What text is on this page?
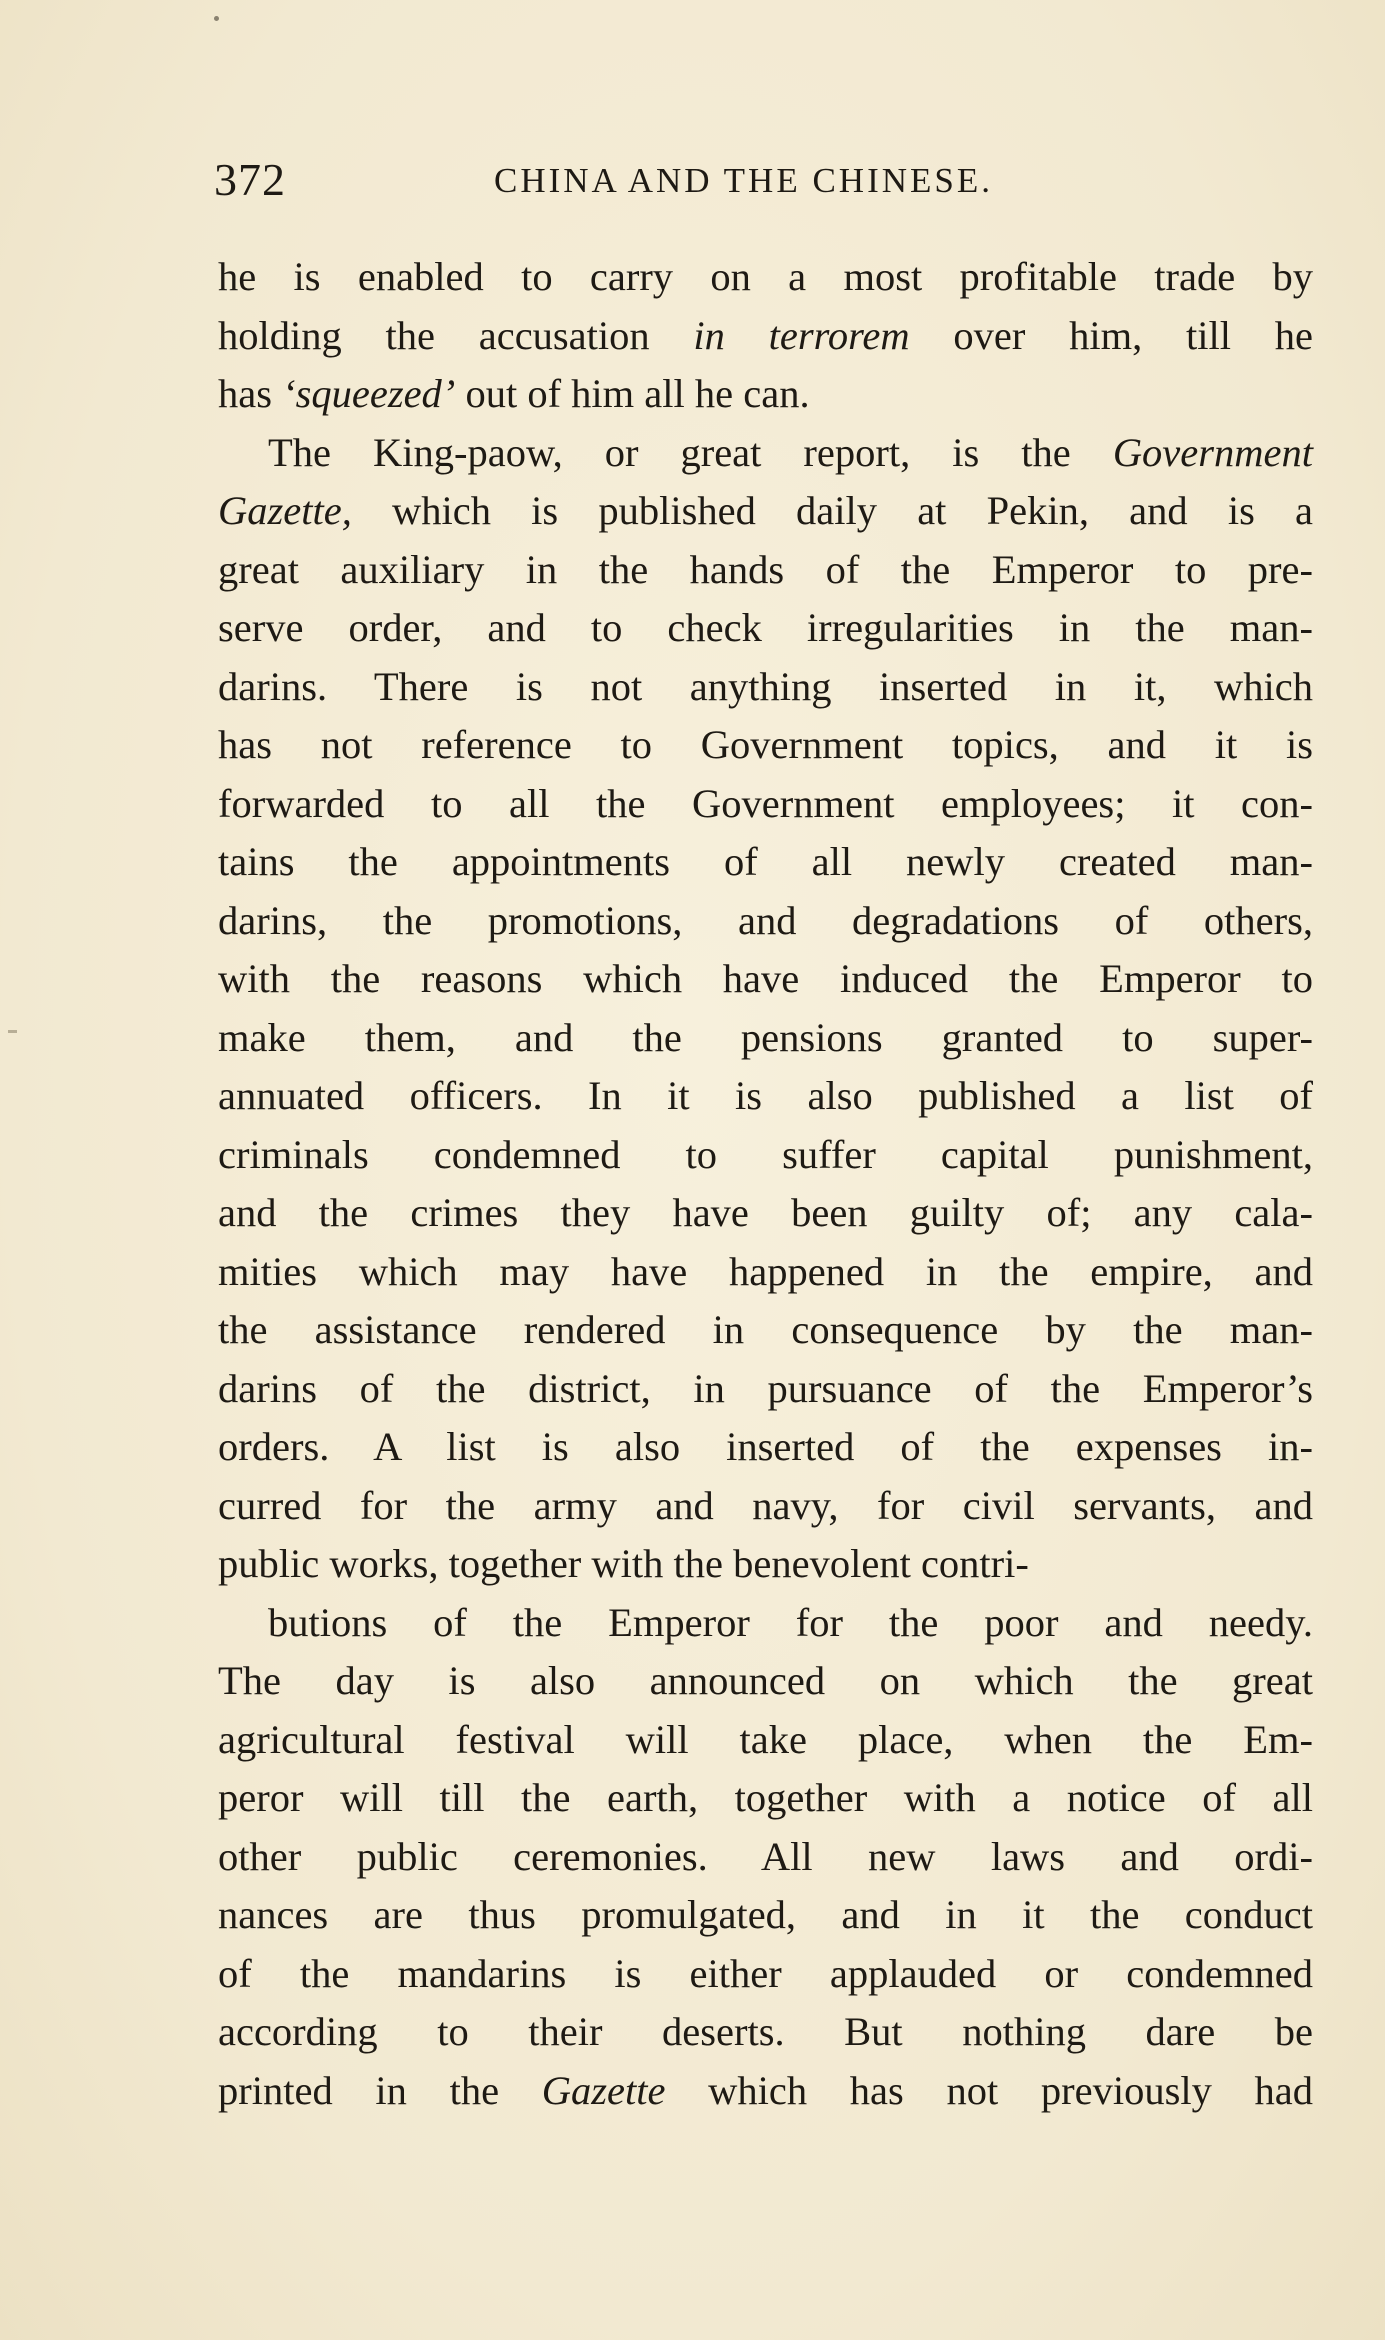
372	CHINA AND THE CHINESE.
he is enabled to carry on a most profitable trade by
holding the accusation in terrorem over him, till he
has ‘squeezed’ out of him all he can.
The King-paow, or great report, is the Government
Gazette, which is published daily at Pekin, and is a
great auxiliary in the hands of the Emperor to pre-
serve order, and to check irregularities in the man-
darins. There is not anything inserted in it, which
has not reference to Government topics, and it is
forwarded to all the Government employees; it con-
tains the appointments of all newly created man-
darins, the promotions, and degradations of others,
with the reasons which have induced the Emperor to
make them, and the pensions granted to super-
annuated officers. In it is also published a list of
criminals condemned to suffer capital punishment,
and the crimes they have been guilty of; any cala-
mities which may have happened in the empire, and
the assistance rendered in consequence by the man-
darins of the district, in pursuance of the Emperor’s
orders. A list is also inserted of the expenses in-
curred for the army and navy, for civil servants, and
public works, together with the benevolent contri-
butions of the Emperor for the poor and needy.
The day is also announced on which the great
agricultural festival will take place, when the Em-
peror will till the earth, together with a notice of all
other public ceremonies. All new laws and ordi-
nances are thus promulgated, and in it the conduct
of the mandarins is either applauded or condemned
according to their deserts. But nothing dare be
printed in the Gazette which has not previously had
